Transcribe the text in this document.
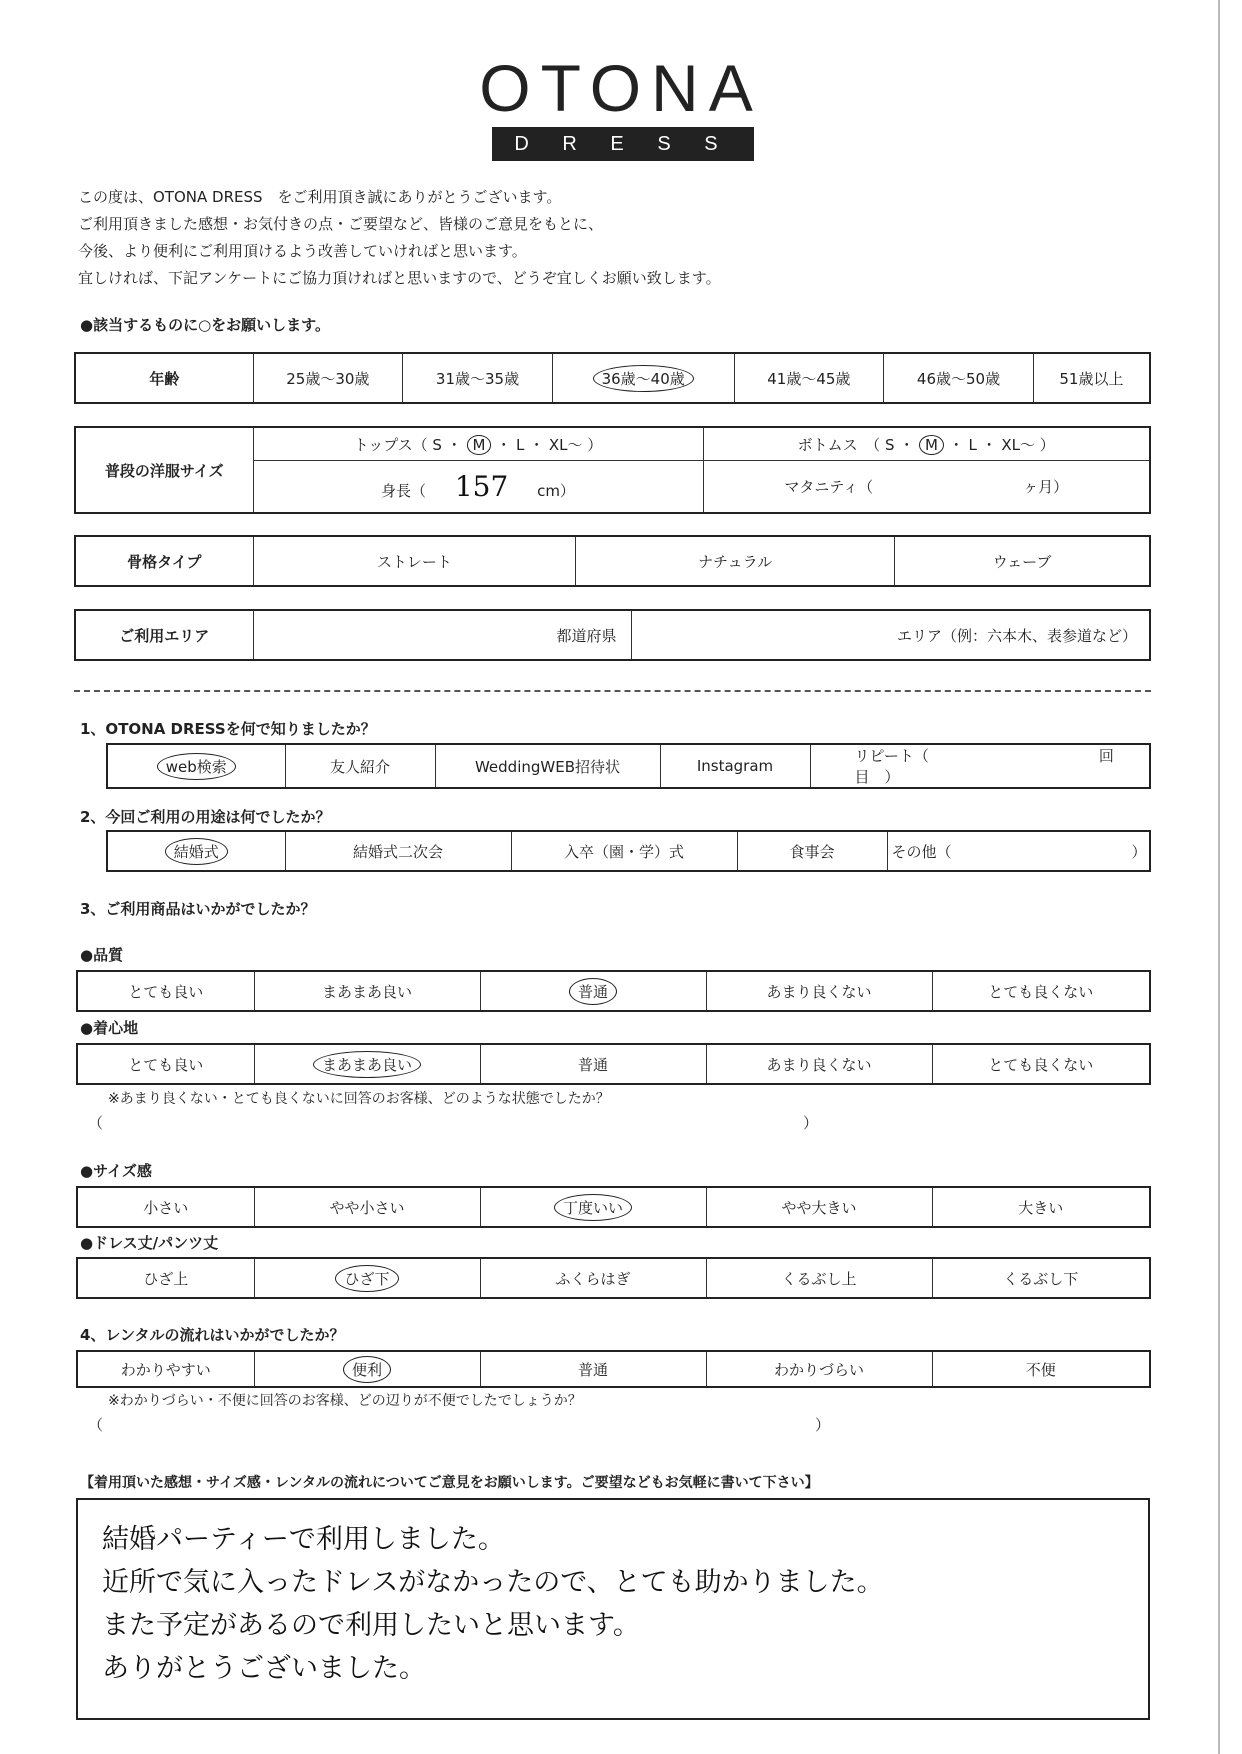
OTONA
D R E S S
この度は、OTONA DRESS　をご利用頂き誠にありがとうございます。
ご利用頂きました感想・お気付きの点・ご要望など、皆様のご意見をもとに、
今後、より便利にご利用頂けるよう改善していければと思います。
宜しければ、下記アンケートにご協力頂ければと思いますので、どうぞ宜しくお願い致します。
●該当するものに○をお願いします。
年齢	25歳～30歳	31歳～35歳	36歳～40歳	41歳～45歳	46歳～50歳	51歳以上
普段の洋服サイズ	トップス（ S ・ M ・ L ・ XL～ ）	ボトムス　（ S ・ M ・ L ・ XL～ ）
	身長（ 157 cm）	マタニティ（ ヶ月）
骨格タイプ	ストレート	ナチュラル	ウェーブ
ご利用エリア	都道府県	エリア（例：六本木、表参道など）
1、OTONA DRESSを何で知りましたか？
web検索	友人紹介	WeddingWEB招待状	Instagram	リピート（	回目　）
2、今回ご利用の用途は何でしたか？
結婚式	結婚式二次会	入卒（園・学）式	食事会	その他（	）
3、ご利用商品はいかがでしたか？
●品質
とても良い	まあまあ良い	普通	あまり良くない	とても良くない
●着心地
とても良い	まあまあ良い	普通	あまり良くない	とても良くない
※あまり良くない・とても良くないに回答のお客様、どのような状態でしたか？
（	）
●サイズ感
小さい	やや小さい	丁度いい	やや大きい	大きい
●ドレス丈/パンツ丈
ひざ上	ひざ下	ふくらはぎ	くるぶし上	くるぶし下
4、レンタルの流れはいかがでしたか？
わかりやすい	便利	普通	わかりづらい	不便
※わかりづらい・不便に回答のお客様、どの辺りが不便でしたでしょうか？
（	）
【着用頂いた感想・サイズ感・レンタルの流れについてご意見をお願いします。ご要望などもお気軽に書いて下さい】
結婚パーティーで利用しました。
近所で気に入ったドレスがなかったので、とても助かりました。
また予定があるので利用したいと思います。
ありがとうございました。
